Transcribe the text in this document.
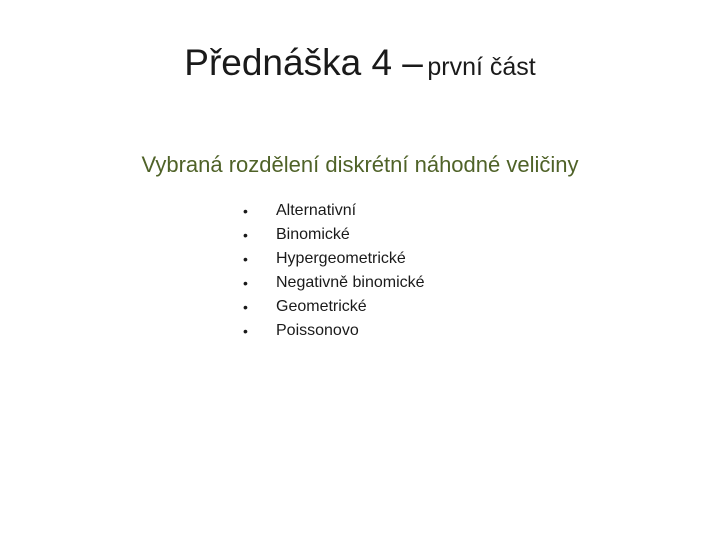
Přednáška 4 – první část
Vybraná rozdělení diskrétní náhodné veličiny
• Alternativní
• Binomické
• Hypergeometrické
• Negativně binomické
• Geometrické
• Poissonovo
